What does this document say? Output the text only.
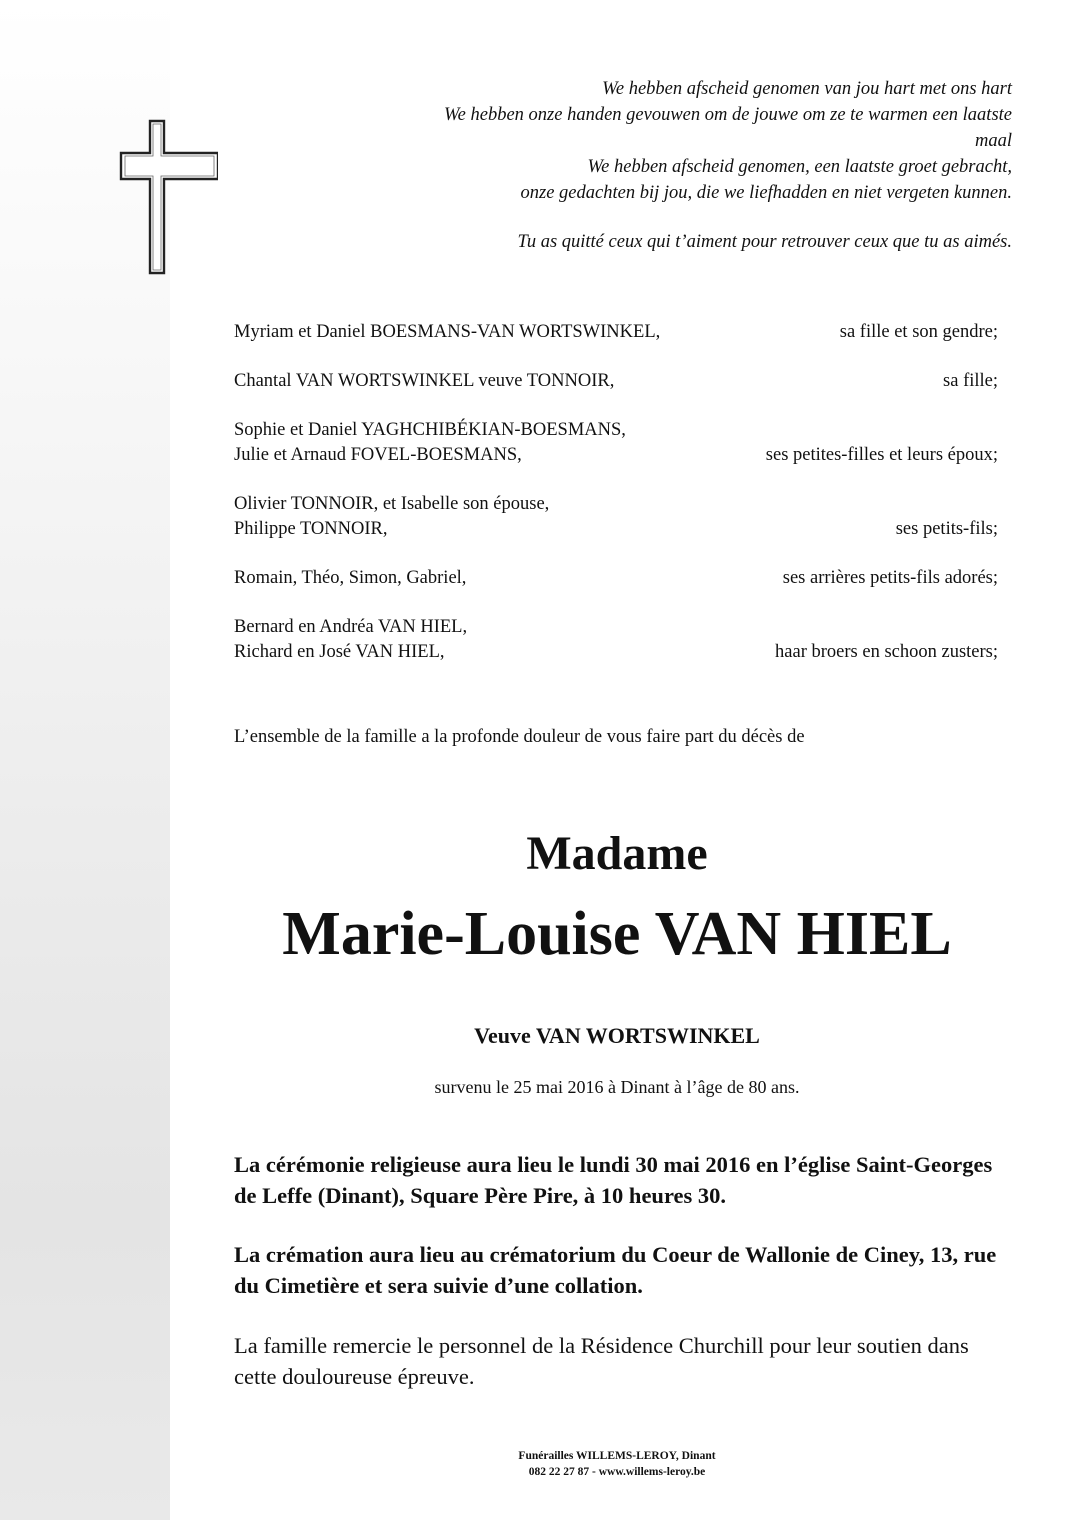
We hebben afscheid genomen van jou hart met ons hart
We hebben onze handen gevouwen om de jouwe om ze te warmen een laatste
maal
We hebben afscheid genomen, een laatste groet gebracht,
onze gedachten bij jou, die we liefhadden en niet vergeten kunnen.
Tu as quitté ceux qui t’aiment pour retrouver ceux que tu as aimés.
Myriam et Daniel BOESMANS-VAN WORTSWINKEL,	sa fille et son gendre;
Chantal VAN WORTSWINKEL veuve TONNOIR,	sa fille;
Sophie et Daniel YAGHCHIBÉKIAN-BOESMANS,
Julie et Arnaud FOVEL-BOESMANS,	ses petites-filles et leurs époux;
Olivier TONNOIR, et Isabelle son épouse,
Philippe TONNOIR,	ses petits-fils;
Romain, Théo, Simon, Gabriel,	ses arrières petits-fils adorés;
Bernard en Andréa VAN HIEL,
Richard en José VAN HIEL,	haar broers en schoon zusters;
L’ensemble de la famille a la profonde douleur de vous faire part du décès de
Madame
Marie-Louise VAN HIEL
Veuve VAN WORTSWINKEL
survenu le 25 mai 2016 à Dinant à l’âge de 80 ans.
La cérémonie religieuse aura lieu le lundi 30 mai 2016 en l’église Saint-Georges de Leffe (Dinant), Square Père Pire, à 10 heures 30.
La crémation aura lieu au crématorium du Coeur de Wallonie de Ciney, 13, rue du Cimetière et sera suivie d’une collation.
La famille remercie le personnel de la Résidence Churchill pour leur soutien dans cette douloureuse épreuve.
Funérailles WILLEMS-LEROY, Dinant
082 22 27 87 - www.willems-leroy.be
